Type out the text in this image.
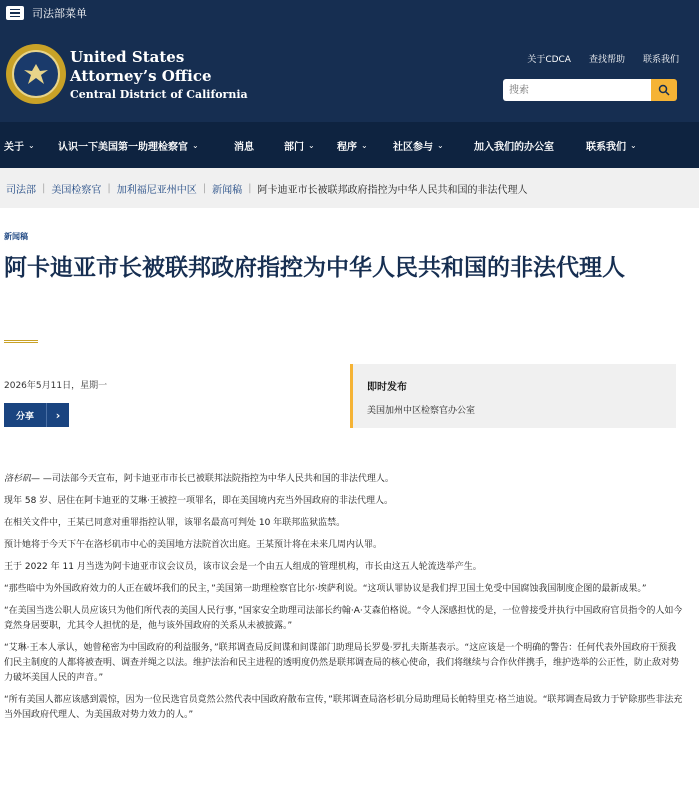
司法部菜单
United States
Attorney’s Office
Central District of California
关于CDCA 查找帮助 联系我们
搜索
关于 ⌄ 认识一下美国第一助理检察官 ⌄	消息	部门 ⌄ 程序 ⌄	社区参与 ⌄	加入我们的办公室	联系我们 ⌄
司法部 | 美国检察官 | 加利福尼亚州中区 | 新闻稿 | 阿卡迪亚市长被联邦政府指控为中华人民共和国的非法代理人
新闻稿
阿卡迪亚市长被联邦政府指控为中华人民共和国的非法代理人
2026年5月11日，星期一
分享	›
即时发布
美国加州中区检察官办公室

洛杉矶— —司法部今天宣布，阿卡迪亚市市长已被联邦法院指控为中华人民共和国的非法代理人。

现年 58 岁、居住在阿卡迪亚的艾琳·王被控一项罪名，即在美国境内充当外国政府的非法代理人。

在相关文件中，王某已同意对重罪指控认罪，该罪名最高可判处 10 年联邦监狱监禁。

预计她将于今天下午在洛杉矶市中心的美国地方法院首次出庭。王某预计将在未来几周内认罪。

王于 2022 年 11 月当选为阿卡迪亚市议会议员，该市议会是一个由五人组成的管理机构，市长由这五人轮流选举产生。

“那些暗中为外国政府效力的人正在破坏我们的民主，”美国第一助理检察官比尔·埃萨利说。“这项认罪协议是我们捍卫国土免受中国腐蚀我国制度企图的最新成果。”

“在美国当选公职人员应该只为他们所代表的美国人民行事，”国家安全助理司法部长约翰·A·艾森伯格说。“令人深感担忧的是，一位曾接受并执行中国政府官员指令的人如今竟然身居要职，尤其令人担忧的是，他与该外国政府的关系从未被披露。”

“艾琳·王本人承认，她曾秘密为中国政府的利益服务，”联邦调查局反间谍和间谍部门助理局长罗曼·罗扎夫斯基表示。“这应该是一个明确的警告：任何代表外国政府干预我们民主制度的人都将被查明、调查并绳之以法。维护法治和民主进程的透明度仍然是联邦调查局的核心使命，我们将继续与合作伙伴携手，维护选举的公正性，防止敌对势力破坏美国人民的声音。”

“所有美国人都应该感到震惊，因为一位民选官员竟然公然代表中国政府散布宣传，”联邦调查局洛杉矶分局助理局长帕特里克·格兰迪说。“联邦调查局致力于铲除那些非法充当外国政府代理人、为美国敌对势力效力的人。”
